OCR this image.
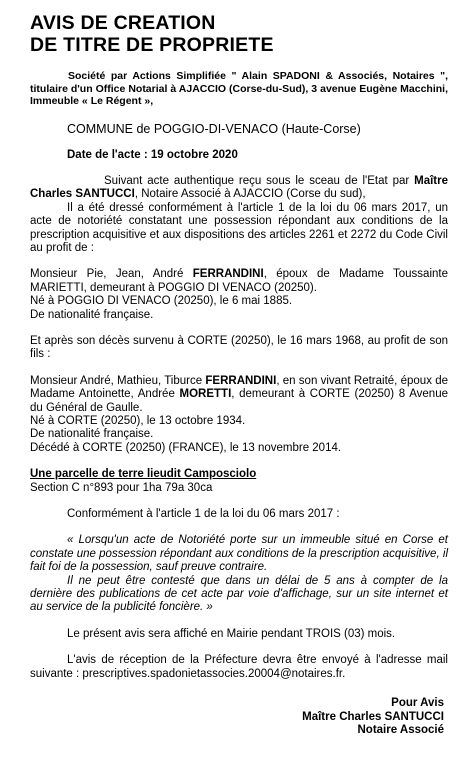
AVIS DE CREATION
DE TITRE DE PROPRIETE
Société par Actions Simplifiée " Alain SPADONI & Associés, Notaires ", titulaire d'un Office Notarial à AJACCIO (Corse-du-Sud), 3 avenue Eugène Macchini, Immeuble « Le Régent »,
COMMUNE de POGGIO-DI-VENACO (Haute-Corse)
Date de l'acte : 19 octobre 2020
Suivant acte authentique reçu sous le sceau de l'Etat par Maître Charles SANTUCCI, Notaire Associé à AJACCIO (Corse du sud),
Il a été dressé conformément à l'article 1 de la loi du 06 mars 2017, un acte de notoriété constatant une possession répondant aux conditions de la prescription acquisitive et aux dispositions des articles 2261 et 2272 du Code Civil au profit de :
Monsieur Pie, Jean, André FERRANDINI, époux de Madame Toussainte MARIETTI, demeurant à POGGIO DI VENACO (20250).
Né à POGGIO DI VENACO (20250), le 6 mai 1885.
De nationalité française.
Et après son décès survenu à CORTE (20250), le 16 mars 1968, au profit de son fils :
Monsieur André, Mathieu, Tiburce FERRANDINI, en son vivant Retraité, époux de Madame Antoinette, Andrée MORETTI, demeurant à CORTE (20250) 8 Avenue du Général de Gaulle.
Né à CORTE (20250), le 13 octobre 1934.
De nationalité française.
Décédé à CORTE (20250) (FRANCE), le 13 novembre 2014.
Une parcelle de terre lieudit Camposciolo
Section C n°893 pour 1ha 79a 30ca
Conformément à l'article 1 de la loi du 06 mars 2017 :
« Lorsqu'un acte de Notoriété porte sur un immeuble situé en Corse et constate une possession répondant aux conditions de la prescription acquisitive, il fait foi de la possession, sauf preuve contraire.
Il ne peut être contesté que dans un délai de 5 ans à compter de la dernière des publications de cet acte par voie d'affichage, sur un site internet et au service de la publicité foncière. »
Le présent avis sera affiché en Mairie pendant TROIS (03) mois.
L'avis de réception de la Préfecture devra être envoyé à l'adresse mail suivante : prescriptives.spadonietassocies.20004@notaires.fr.
Pour Avis
Maître Charles SANTUCCI
Notaire Associé
